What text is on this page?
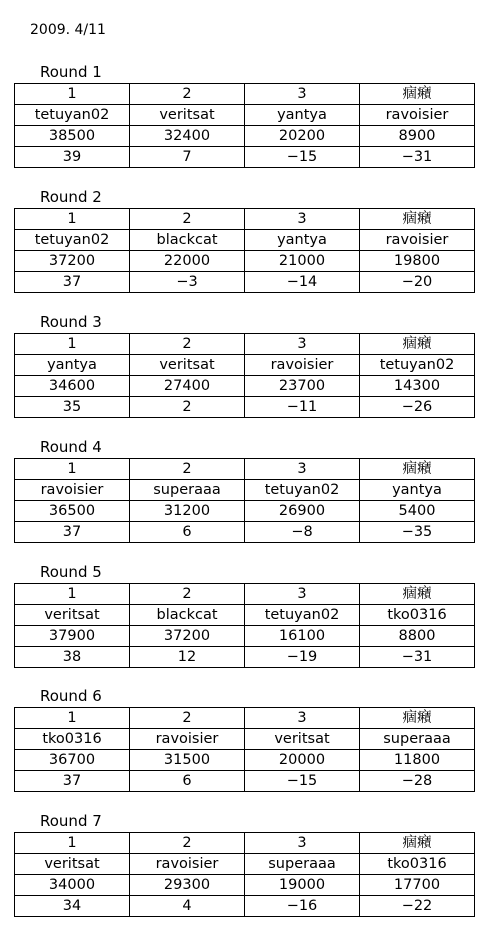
2009. 4/11
Round 1
1	2	3	痼癪
tetuyan02	veritsat	yantya	ravoisier
38500	32400	20200	8900
39	7	−15	−31
Round 2
1	2	3	痼癪
tetuyan02	blackcat	yantya	ravoisier
37200	22000	21000	19800
37	−3	−14	−20
Round 3
1	2	3	痼癪
yantya	veritsat	ravoisier	tetuyan02
34600	27400	23700	14300
35	2	−11	−26
Round 4
1	2	3	痼癪
ravoisier	superaaa	tetuyan02	yantya
36500	31200	26900	5400
37	6	−8	−35
Round 5
1	2	3	痼癪
veritsat	blackcat	tetuyan02	tko0316
37900	37200	16100	8800
38	12	−19	−31
Round 6
1	2	3	痼癪
tko0316	ravoisier	veritsat	superaaa
36700	31500	20000	11800
37	6	−15	−28
Round 7
1	2	3	痼癪
veritsat	ravoisier	superaaa	tko0316
34000	29300	19000	17700
34	4	−16	−22
